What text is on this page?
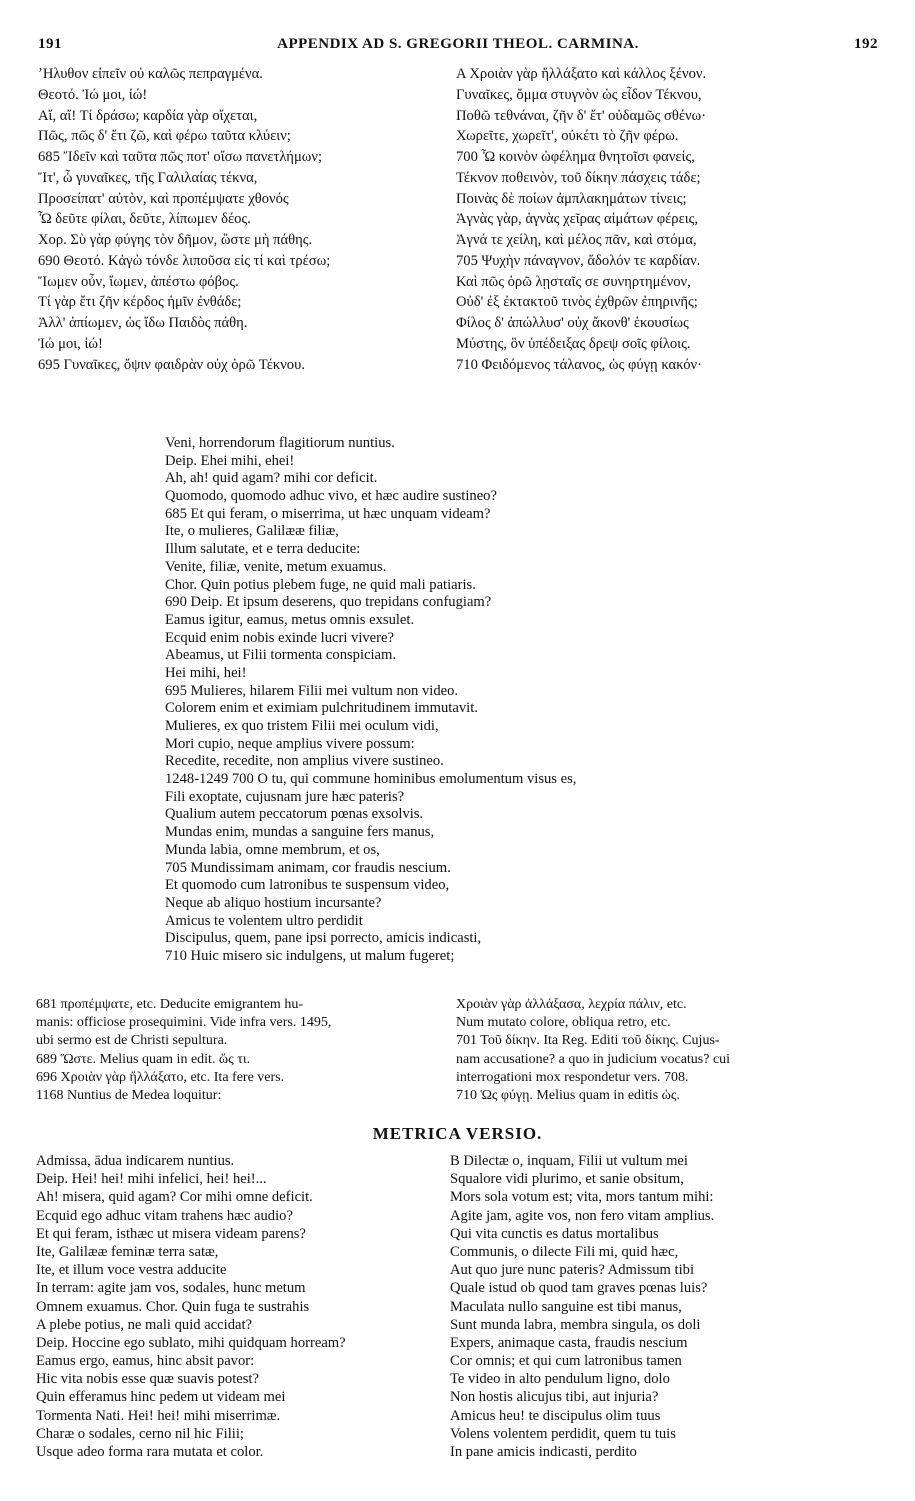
191	APPENDIX AD S. GREGORII THEOL. CARMINA.	192
ʼΗλυθον εἰπεῖν οὐ καλῶς πεπραγμένα.
Θεοτό. Ἰώ μοι, ἰώ!
Αἴ, αἴ! Τί δράσω; καρδία γὰρ οἴχεται,
Πῶς, πῶς δ' ἔτι ζῶ, καὶ φέρω ταῦτα κλύειν;
685 Ἴδεῖν καὶ ταῦτα πῶς ποτ' οἴσω πανετλήμων;
Ἴτ', ὦ γυναῖκες, τῆς Γαλιλαίας τέκνα,
Προσείπατ' αὐτὸν, καὶ προπέμψατε χθονός
Ὦ δεῦτε φίλαι, δεῦτε, λίπωμεν δέος.
Χορ. Σὺ γὰρ φύγης τὸν δῆμον, ὥστε μὴ πάθης.
690 Θεοτό. Κἀγὼ τόνδε λιποῦσα εἰς τί καὶ τρέσω;
Ἴωμεν οὖν, ἴωμεν, ἀπέστω φόβος.
Τί γὰρ ἔτι ζῆν κέρδος ἡμῖν ἐνθάδε;
Ἀλλ' ἀπίωμεν, ὡς ἴδω Παιδὸς πάθη.
Ἰώ μοι, ἰώ!
695 Γυναῖκες, ὄψιν φαιδρὰν οὐχ ὁρῶ Τέκνου.
A Χροιὰν γὰρ ἤλλάξατο καὶ κάλλος ξένον.
Γυναῖκες, ὄμμα στυγνὸν ὡς εἶδον Τέκνου,
Ποθῶ τεθνάναι, ζῆν δ' ἔτ' οὐδαμῶς σθένω·
Χωρεῖτε, χωρεῖτ', οὐκέτι τὸ ζῆν φέρω.
700 Ὦ κοινὸν ὠφέλημα θνητοῖσι φανείς,
Τέκνον ποθεινὸν, τοῦ δίκην πάσχεις τάδε;
Ποινὰς δὲ ποίων ἀμπλακημάτων τίνεις;
Ἁγνὰς γὰρ, ἁγνὰς χεῖρας αἱμάτων φέρεις,
Ἁγνά τε χείλη, καὶ μέλος πᾶν, καὶ στόμα,
705 Ψυχὴν πάναγνον, ἄδολόν τε καρδίαν.
Καὶ πῶς ὁρῶ λῃσταῖς σε συνηρτημένον,
Οὐδ' ἐξ ἐκτακτοῦ τινὸς ἐχθρῶν ἐπηρινῆς;
Φίλος δ' ἀπώλλυσ' οὐχ ἄκονθ' ἑκουσίως
Μύστης, ὃν ὑπέδειξας δρεψ σοῖς φίλοις.
710 Φειδόμενος τάλανος, ὡς φύγῃ κακόν·
Veni, horrendorum flagitiorum nuntius.
Deip. Ehei mihi, ehei!
Ah, ah! quid agam? mihi cor deficit.
Quomodo, quomodo adhuc vivo, et hæc audire sustineo?
685 Et qui feram, o miserrima, ut hæc unquam videam?
Ite, o mulieres, Galilææ filiæ,
Illum salutate, et e terra deducite:
Venite, filiæ, venite, metum exuamus.
Chor. Quin potius plebem fuge, ne quid mali patiaris.
690 Deip. Et ipsum deserens, quo trepidans confugiam?
Eamus igitur, eamus, metus omnis exsulet.
Ecquid enim nobis exinde lucri vivere?
Abeamus, ut Filii tormenta conspiciam.
Hei mihi, hei!
695 Mulieres, hilarem Filii mei vultum non video.
Colorem enim et eximiam pulchritudinem immutavit.
Mulieres, ex quo tristem Filii mei oculum vidi,
Mori cupio, neque amplius vivere possum:
Recedite, recedite, non amplius vivere sustineo.
1248-1249 700 O tu, qui commune hominibus emolumentum visus es,
Fili exoptate, cujusnam jure hæc pateris?
Qualium autem peccatorum pœnas exsolvis.
Mundas enim, mundas a sanguine fers manus,
Munda labia, omne membrum, et os,
705 Mundissimam animam, cor fraudis nescium.
Et quomodo cum latronibus te suspensum video,
Neque ab aliquo hostium incursante?
Amicus te volentem ultro perdidit
Discipulus, quem, pane ipsi porrecto, amicis indicasti,
710 Huic misero sic indulgens, ut malum fugeret;
681 προπέμψατε, etc. Deducite emigrantem hu-
manis: officiose prosequimini. Vide infra vers. 1495,
ubi sermo est de Christi sepultura.
689 Ὥστε. Melius quam in edit. ὥς τι.
696 Χροιὰν γὰρ ἤλλάξατο, etc. Ita fere vers.
1168 Nuntius de Medea loquitur:
Χροιὰν γὰρ ἀλλάξασα, λεχρία πάλιν, etc.
Num mutato colore, obliqua retro, etc.
701 Τοῦ δίκην. Ita Reg. Editi τοῦ δίκης. Cujus-
nam accusatione? a quo in judicium vocatus? cui
interrogationi mox respondetur vers. 708.
710 Ὡς φύγῃ. Melius quam in editis ὡς.
METRICA VERSIO.
Admissa, ādua indicarem nuntius.
Deip. Hei! hei! mihi infelici, hei! hei!...
Ah! misera, quid agam? Cor mihi omne deficit.
Ecquid ego adhuc vitam trahens hæc audio?
Et qui feram, isthæc ut misera videam parens?
Ite, Galilææ feminæ terra satæ,
Ite, et illum voce vestra adducite
In terram: agite jam vos, sodales, hunc metum
Omnem exuamus. Chor. Quin fuga te sustrahis
A plebe potius, ne mali quid accidat?
Deip. Hoccine ego sublato, mihi quidquam horream?
Eamus ergo, eamus, hinc absit pavor:
Hic vita nobis esse quæ suavis potest?
Quin efferamus hinc pedem ut videam mei
Tormenta Nati. Hei! hei! mihi miserrimæ.
Charæ o sodales, cerno nil hic Filii;
Usque adeo forma rara mutata et color.
B Dilectæ o, inquam, Filii ut vultum mei
Squalore vidi plurimo, et sanie obsitum,
Mors sola votum est; vita, mors tantum mihi:
Agite jam, agite vos, non fero vitam amplius.
Qui vita cunctis es datus mortalibus
Communis, o dilecte Fili mi, quid hæc,
Aut quo jure nunc pateris? Admissum tibi
Quale istud ob quod tam graves pœnas luis?
Maculata nullo sanguine est tibi manus,
Sunt munda labra, membra singula, os doli
Expers, animaque casta, fraudis nescium
Cor omnis; et qui cum latronibus tamen
Te video in alto pendulum ligno, dolo
Non hostis alicujus tibi, aut injuria?
Amicus heu! te discipulus olim tuus
Volens volentem perdidit, quem tu tuis
In pane amicis indicasti, perdito
